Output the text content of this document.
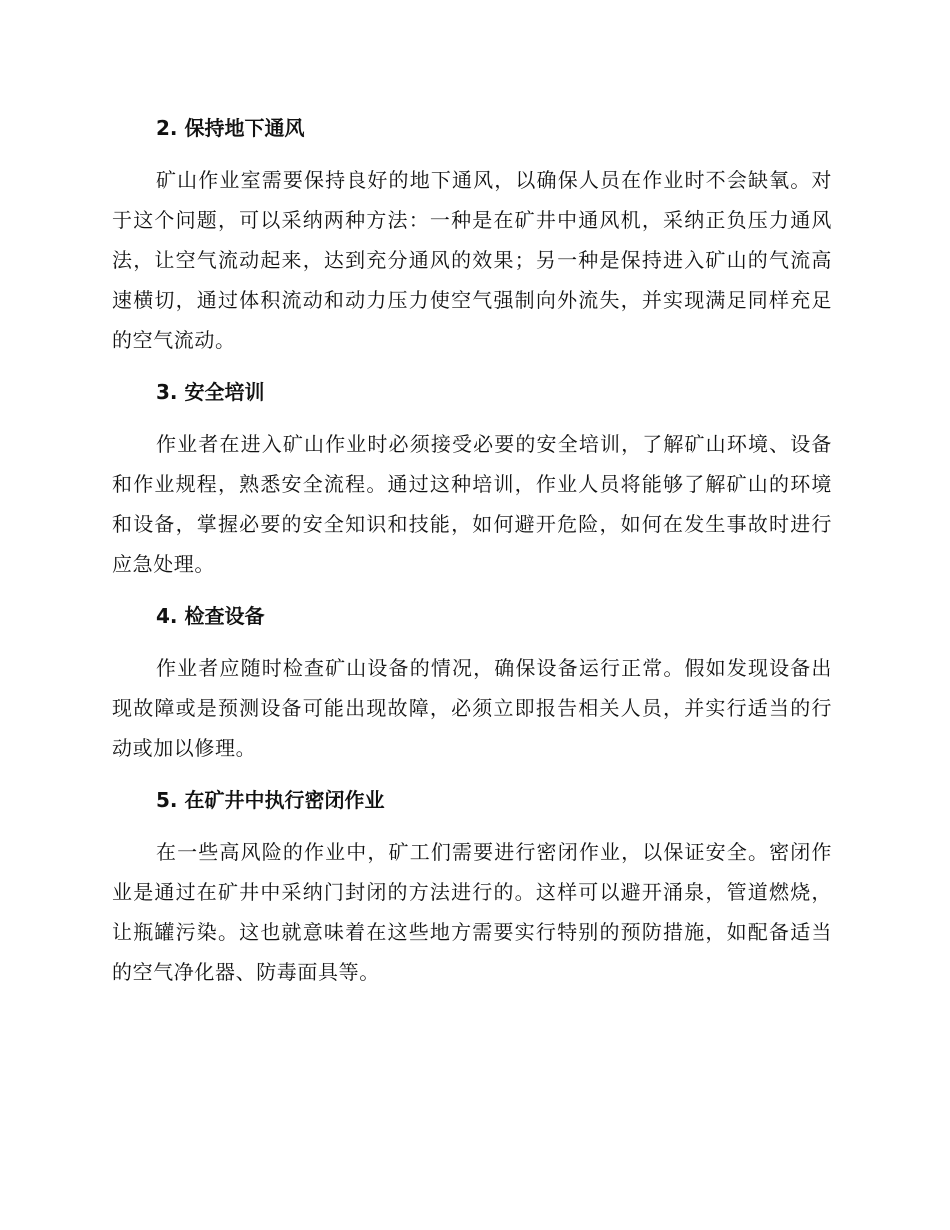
2. 保持地下通风

矿山作业室需要保持良好的地下通风，以确保人员在作业时不会缺氧。对于这个问题，可以采纳两种方法：一种是在矿井中通风机，采纳正负压力通风法，让空气流动起来，达到充分通风的效果；另一种是保持进入矿山的气流高速横切，通过体积流动和动力压力使空气强制向外流失，并实现满足同样充足的空气流动。

3. 安全培训

作业者在进入矿山作业时必须接受必要的安全培训，了解矿山环境、设备和作业规程，熟悉安全流程。通过这种培训，作业人员将能够了解矿山的环境和设备，掌握必要的安全知识和技能，如何避开危险，如何在发生事故时进行应急处理。

4. 检查设备

作业者应随时检查矿山设备的情况，确保设备运行正常。假如发现设备出现故障或是预测设备可能出现故障，必须立即报告相关人员，并实行适当的行动或加以修理。

5. 在矿井中执行密闭作业

在一些高风险的作业中，矿工们需要进行密闭作业，以保证安全。密闭作业是通过在矿井中采纳门封闭的方法进行的。这样可以避开涌泉，管道燃烧，让瓶罐污染。这也就意味着在这些地方需要实行特别的预防措施，如配备适当的空气净化器、防毒面具等。
